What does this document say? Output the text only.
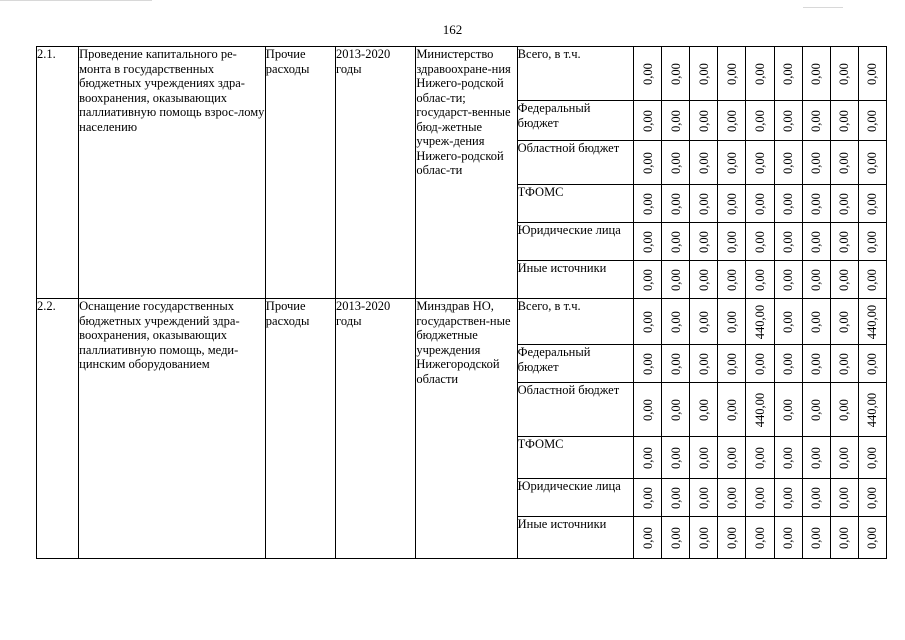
162
2.1.	Проведение капитального ре-монта в государственных бюджетных учреждениях здра-воохранения, оказывающих паллиативную помощь взрос-лому населению	Прочие расходы	2013-2020 годы	Министерство здравоохране-ния Нижего-родской облас-ти; государст-венные бюд-жетные учреж-дения Нижего-родской облас-ти	Всего, в т.ч.	0,00	0,00	0,00	0,00	0,00	0,00	0,00	0,00	0,00

					Федеральный бюджет	0,00	0,00	0,00	0,00	0,00	0,00	0,00	0,00	0,00

					Областной бюджет	0,00	0,00	0,00	0,00	0,00	0,00	0,00	0,00	0,00

					ТФОМС	0,00	0,00	0,00	0,00	0,00	0,00	0,00	0,00	0,00

					Юридические лица	0,00	0,00	0,00	0,00	0,00	0,00	0,00	0,00	0,00

					Иные источники	0,00	0,00	0,00	0,00	0,00	0,00	0,00	0,00	0,00

2.2.	Оснащение государственных бюджетных учреждений здра-воохранения, оказывающих паллиативную помощь, меди-цинским оборудованием	Прочие расходы	2013-2020 годы	Минздрав НО, государствен-ные бюджетные учреждения Нижегородской области	Всего, в т.ч.	0,00	0,00	0,00	0,00	440,00	0,00	0,00	0,00	440,00

					Федеральный бюджет	0,00	0,00	0,00	0,00	0,00	0,00	0,00	0,00	0,00

					Областной бюджет	0,00	0,00	0,00	0,00	440,00	0,00	0,00	0,00	440,00

					ТФОМС	0,00	0,00	0,00	0,00	0,00	0,00	0,00	0,00	0,00

					Юридические лица	0,00	0,00	0,00	0,00	0,00	0,00	0,00	0,00	0,00

					Иные источники	0,00	0,00	0,00	0,00	0,00	0,00	0,00	0,00	0,00
